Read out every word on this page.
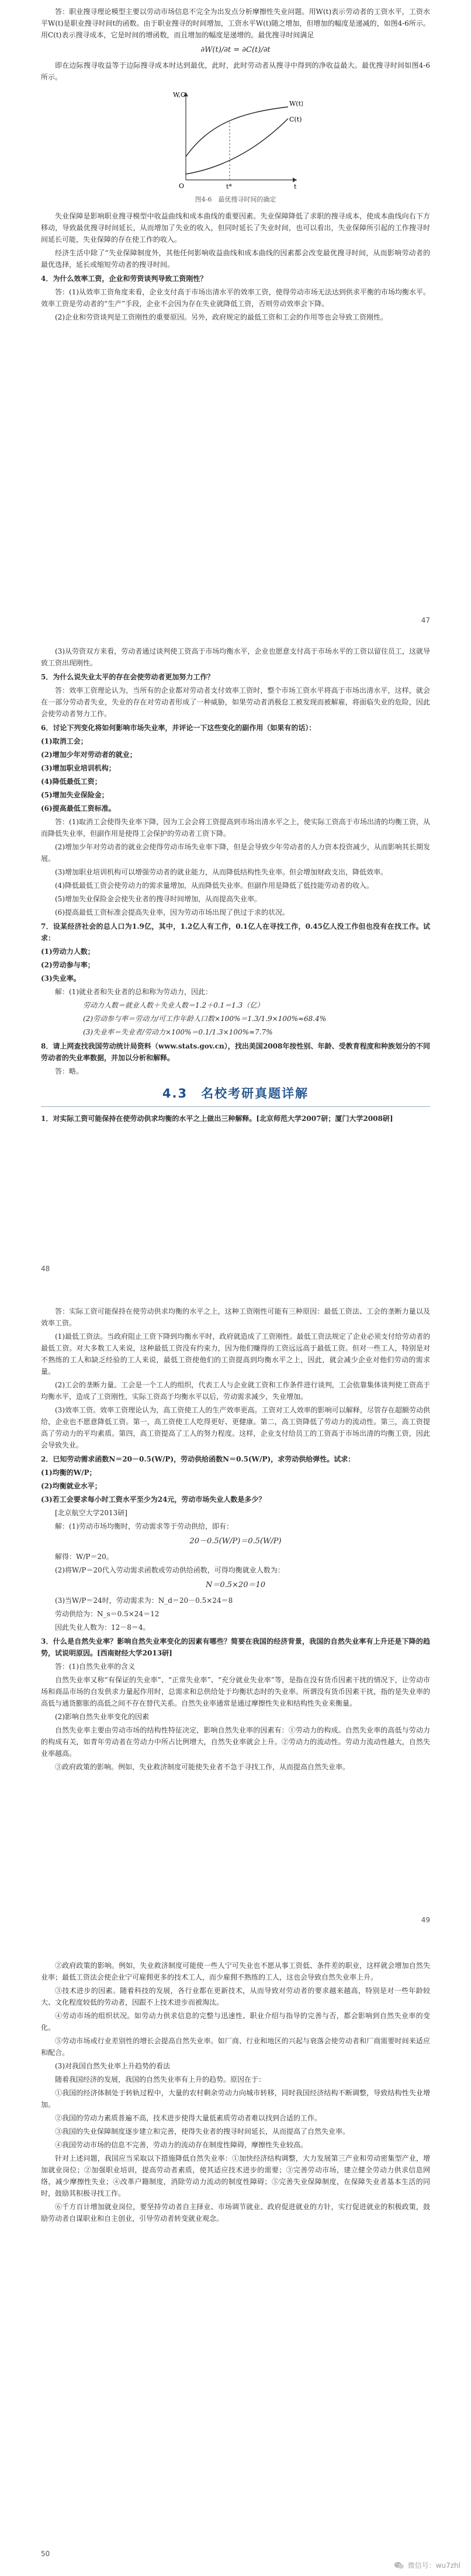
答：职业搜寻理论模型主要以劳动市场信息不完全为出发点分析摩擦性失业问题。用W(t)表示劳动者的工资水平，工资水平W(t)是职业搜寻时间t的函数。由于职业搜寻的时间增加，工资水平W(t)随之增加，但增加的幅度是递减的，如图4-6所示。用C(t)表示搜寻成本，它是时间的增函数，而且增加的幅度是递增的。最优搜寻时间满足

∂W(t)/∂t = ∂C(t)/∂t

即在边际搜寻收益等于边际搜寻成本时达到最优，此时，此时劳动者从搜寻中得到的净收益最大。最优搜寻时间如图4-6所示。

W(t)
C(t)
W,C
t
O	t*
图4-6　最优搜寻时间的确定

失业保障是影响职业搜寻模型中收益曲线和成本曲线的重要因素。失业保障降低了求职的搜寻成本，使成本曲线向右下方移动，导致最优搜寻时间延长，从而增加了失业的收入，但同时延长了失业时间，也可以看出，失业保障所引起的工作搜寻时间延长可能，失业保障的存在使工作的收入。

经济生活中除了“失业保障制度外，其他任何影响收益曲线和成本曲线的因素都会改变最优搜寻时间，从而影响劳动者的最优选择，延长或缩短劳动者的搜寻时间。

4．为什么效率工资，企业和劳资谈判导致工资刚性？

答：(1)从效率工资角度来看，企业支付高于市场出清水平的效率工资，使得劳动市场无法达到供求平衡的市场均衡水平。效率工资是劳动者的“生产”手段，企业不会因为存在失业就降低工资，否则劳动效率会下降。

(2)企业和劳资谈判是工资刚性的重要原因。另外，政府规定的最低工资和工会的作用等也会导致工资刚性。

47

(3)从劳资双方来看，劳动者通过谈判使工资高于市场均衡水平，企业也愿意支付高于市场水平的工资以留住员工，这就导致工资出现刚性。

5．为什么说失业太平的存在会使劳动者更加努力工作？

答：效率工资理论认为，当所有的企业都对劳动者支付效率工资时，整个市场工资水平将高于市场出清水平，这样，就会在一部分劳动者失业，失业的存在对劳动者形成了一种威胁，如果劳动者消极怠工被发现而被解雇，将面临失业的危险，因此会使劳动者努力工作。

6．讨论下列变化将如何影响市场失业率，并评论一下这些变化的副作用（如果有的话）：

(1)取消工会；

(2)增加少年对劳动者的就业；

(3)增加职业培训机构；

(4)降低最低工资；

(5)增加失业保险金；

(6)提高最低工资标准。

答：(1)取消工会使得失业率下降，因为工会会将工资提高到市场出清水平之上，使实际工资高于市场出清的均衡工资，从而降低失业率，但副作用是使得工会保护的劳动者工资下降。

(2)增加少年对劳动者的就业会使得劳动市场失业率下降，但是会导致少年劳动者的人力资本投资减少，从而影响其长期发展。

(3)增加职业培训机构可以增强劳动者的就业能力，从而降低结构性失业率。但会增加财政支出，降低效率。

(4)降低最低工资会使劳动力的需求量增加，从而降低失业率。但副作用是降低了低技能劳动者的收入。

(5)增加失业保险金会使失业者的搜寻时间增加，从而提高失业率。

(6)提高最低工资标准会提高失业率，因为劳动市场出现了供过于求的状况。

7．设某经济社会的总人口为1.9亿，其中，1.2亿人有工作，0.1亿人在寻找工作，0.45亿人没工作但也没有在找工作。试求：

(1)劳动力人数；

(2)劳动参与率；

(3)失业率。

解：(1)就业者和失业者的总和称为劳动力，因此：

劳动力人数＝就业人数＋失业人数＝1.2＋0.1＝1.3（亿）

(2)劳动参与率＝劳动力/可工作年龄人口数×100%＝1.3/1.9×100%≈68.4%

(3)失业率＝失业者/劳动力×100%＝0.1/1.3×100%≈7.7%

8．请上网查找我国劳动统计局资料（www.stats.gov.cn），找出美国2008年按性别、年龄、受教育程度和种族划分的不同劳动者的失业率数据，并加以分析和解释。

答：略。

4.3　名校考研真题详解

1．对实际工资可能保持在使劳动供求均衡的水平之上做出三种解释。[北京师范大学2007研；厦门大学2008研]

48

答：实际工资可能保持在使劳动供求均衡的水平之上，这种工资刚性可能有三种原因：最低工资法、工会的垄断力量以及效率工资。

(1)最低工资法。当政府阻止工资下降到均衡水平时，政府就造成了工资刚性。最低工资法规定了企业必须支付给劳动者的最低工资。对大多数工人来说，这种最低工资没有约束力，因为他们赚得的工资远远高于最低工资。但对一些工人，特别是对不熟练的工人和缺乏经验的工人来说，最低工资使他们的工资提高到均衡水平之上，因此，就会减少企业对他们劳动的需求量。

(2)工会的垄断力量。工会是一个工人的组织，代表工人与企业就工资和工作条件进行谈判，工会依靠集体谈判使工资高于均衡水平，造成了工资刚性，实际工资高于均衡水平以后，劳动需求减少，失业增加。

(3)效率工资。效率工资理论认为，高工资使工人的生产效率更高。工资对工人效率的影响可以解释，尽管存在超额劳动供给，企业也不愿意降低工资。第一，高工资使工人吃得更好、更健康。第二，高工资降低了劳动力的流动性。第三，高工资提高了劳动力的平均素质。第四，高工资提高了工人的努力程度。这样，企业支付给员工的工资高于市场出清的均衡工资，因此会导致失业。

2．已知劳动需求函数N＝20－0.5(W/P)，劳动供给函数N＝0.5(W/P)，求劳动供给弹性。试求：

(1)均衡的W/P；

(2)均衡就业水平；

(3)若工会要求每小时工资水平至少为24元，劳动市场失业人数是多少？

[北京航空大学2013研]

解：(1)劳动市场均衡时，劳动需求等于劳动供给，即有：

20－0.5(W/P)＝0.5(W/P)

解得：W/P＝20。

(2)将W/P＝20代入劳动需求函数或劳动供给函数，可得均衡就业人数为：

N＝0.5×20＝10

(3)当W/P＝24时，劳动需求为：N_d＝20－0.5×24＝8

劳动供给为：N_s＝0.5×24＝12

因此失业人数为：12－8＝4。

3．什么是自然失业率？影响自然失业率变化的因素有哪些？简要在我国的经济背景，我国的自然失业率有上升还是下降的趋势，试说明原因。[西南财经大学2013研]

答：(1)自然失业率的含义

自然失业率又称“有保证的失业率”、“正常失业率”、“充分就业失业率”等，是指在没有货币因素干扰的情况下，让劳动市场和商品市场的自发供求力量起作用时，总需求和总供给处于均衡状态时的失业率。所谓没有货币因素干扰，指的是失业率的高低与通货膨胀的高低之间不存在替代关系。自然失业率通常是通过摩擦性失业和结构性失业来衡量。

(2)影响自然失业率变化的因素

自然失业率主要由劳动市场的结构性特征决定，影响自然失业率的因素有：①劳动力的构成。自然失业率的高低与劳动力的构成有关，如青年劳动者在劳动力中所占比例增大，自然失业率就会上升。②劳动力的流动性。劳动力流动性越大，自然失业率越高。

③政府政策的影响。例如，失业救济制度可能使失业者不急于寻找工作，从而提高自然失业率。

49

②政府政策的影响。例如，失业救济制度可能使一些人宁可失业也不愿从事工资低、条件差的职业，这样就会增加自然失业率；最低工资法会使企业宁可雇佣更多的技术工人，而少雇佣不熟练的工人，这也会导致自然失业率上升。

③技术进步的因素。随着科技的发展，各行业都在更新技术，从而导致对劳动者的要求越来越高，特别是对一些年龄较大、文化程度较低的劳动者，因跟不上技术进步而被淘汰。

④劳动市场的组织状况。如劳动力供求信息的完整与迅速性、职业介绍与指导的完善与否，都会影响到自然失业率的变化。

⑤劳动市场或行业差别性的增长会提高自然失业率。如厂商、行业和地区的兴起与衰落会使劳动者和厂商需要时间来适应和配合。

(3)对我国自然失业率上升趋势的看法

随着我国经济的发展，我国的自然失业率有上升的趋势。原因在于：

①我国的经济体制处于转轨过程中，大量的农村剩余劳动力向城市转移，同时我国经济结构不断调整，导致结构性失业增加。

②我国的劳动力素质普遍不高，技术进步使得大量低素质劳动者难以找到合适的工作。

③我国的失业保障制度逐步建立和完善，使得失业者的搜寻时间延长，从而提高了自然失业率。

④我国劳动市场的信息不完善，劳动力的流动存在制度性障碍，摩擦性失业较高。

针对上述问题，我国应当采取以下措施降低自然失业率：①加快经济结构调整，大力发展第三产业和劳动密集型产业，增加就业岗位；②加强职业培训，提高劳动者素质，使其适应技术进步的需要；③完善劳动市场，建立健全劳动力供求信息网络，减少摩擦性失业；④改革户籍制度，消除劳动力流动的制度性障碍；⑤完善失业保障制度，在保障失业者基本生活的同时，鼓励其积极寻找工作。

⑥千方百计增加就业岗位，要坚持劳动者自主择业、市场调节就业、政府促进就业的方针，实行促进就业的积极政策，鼓励劳动者自谋职业和自主创业，引导劳动者转变就业观念。

50
微信号：wu7zhl
